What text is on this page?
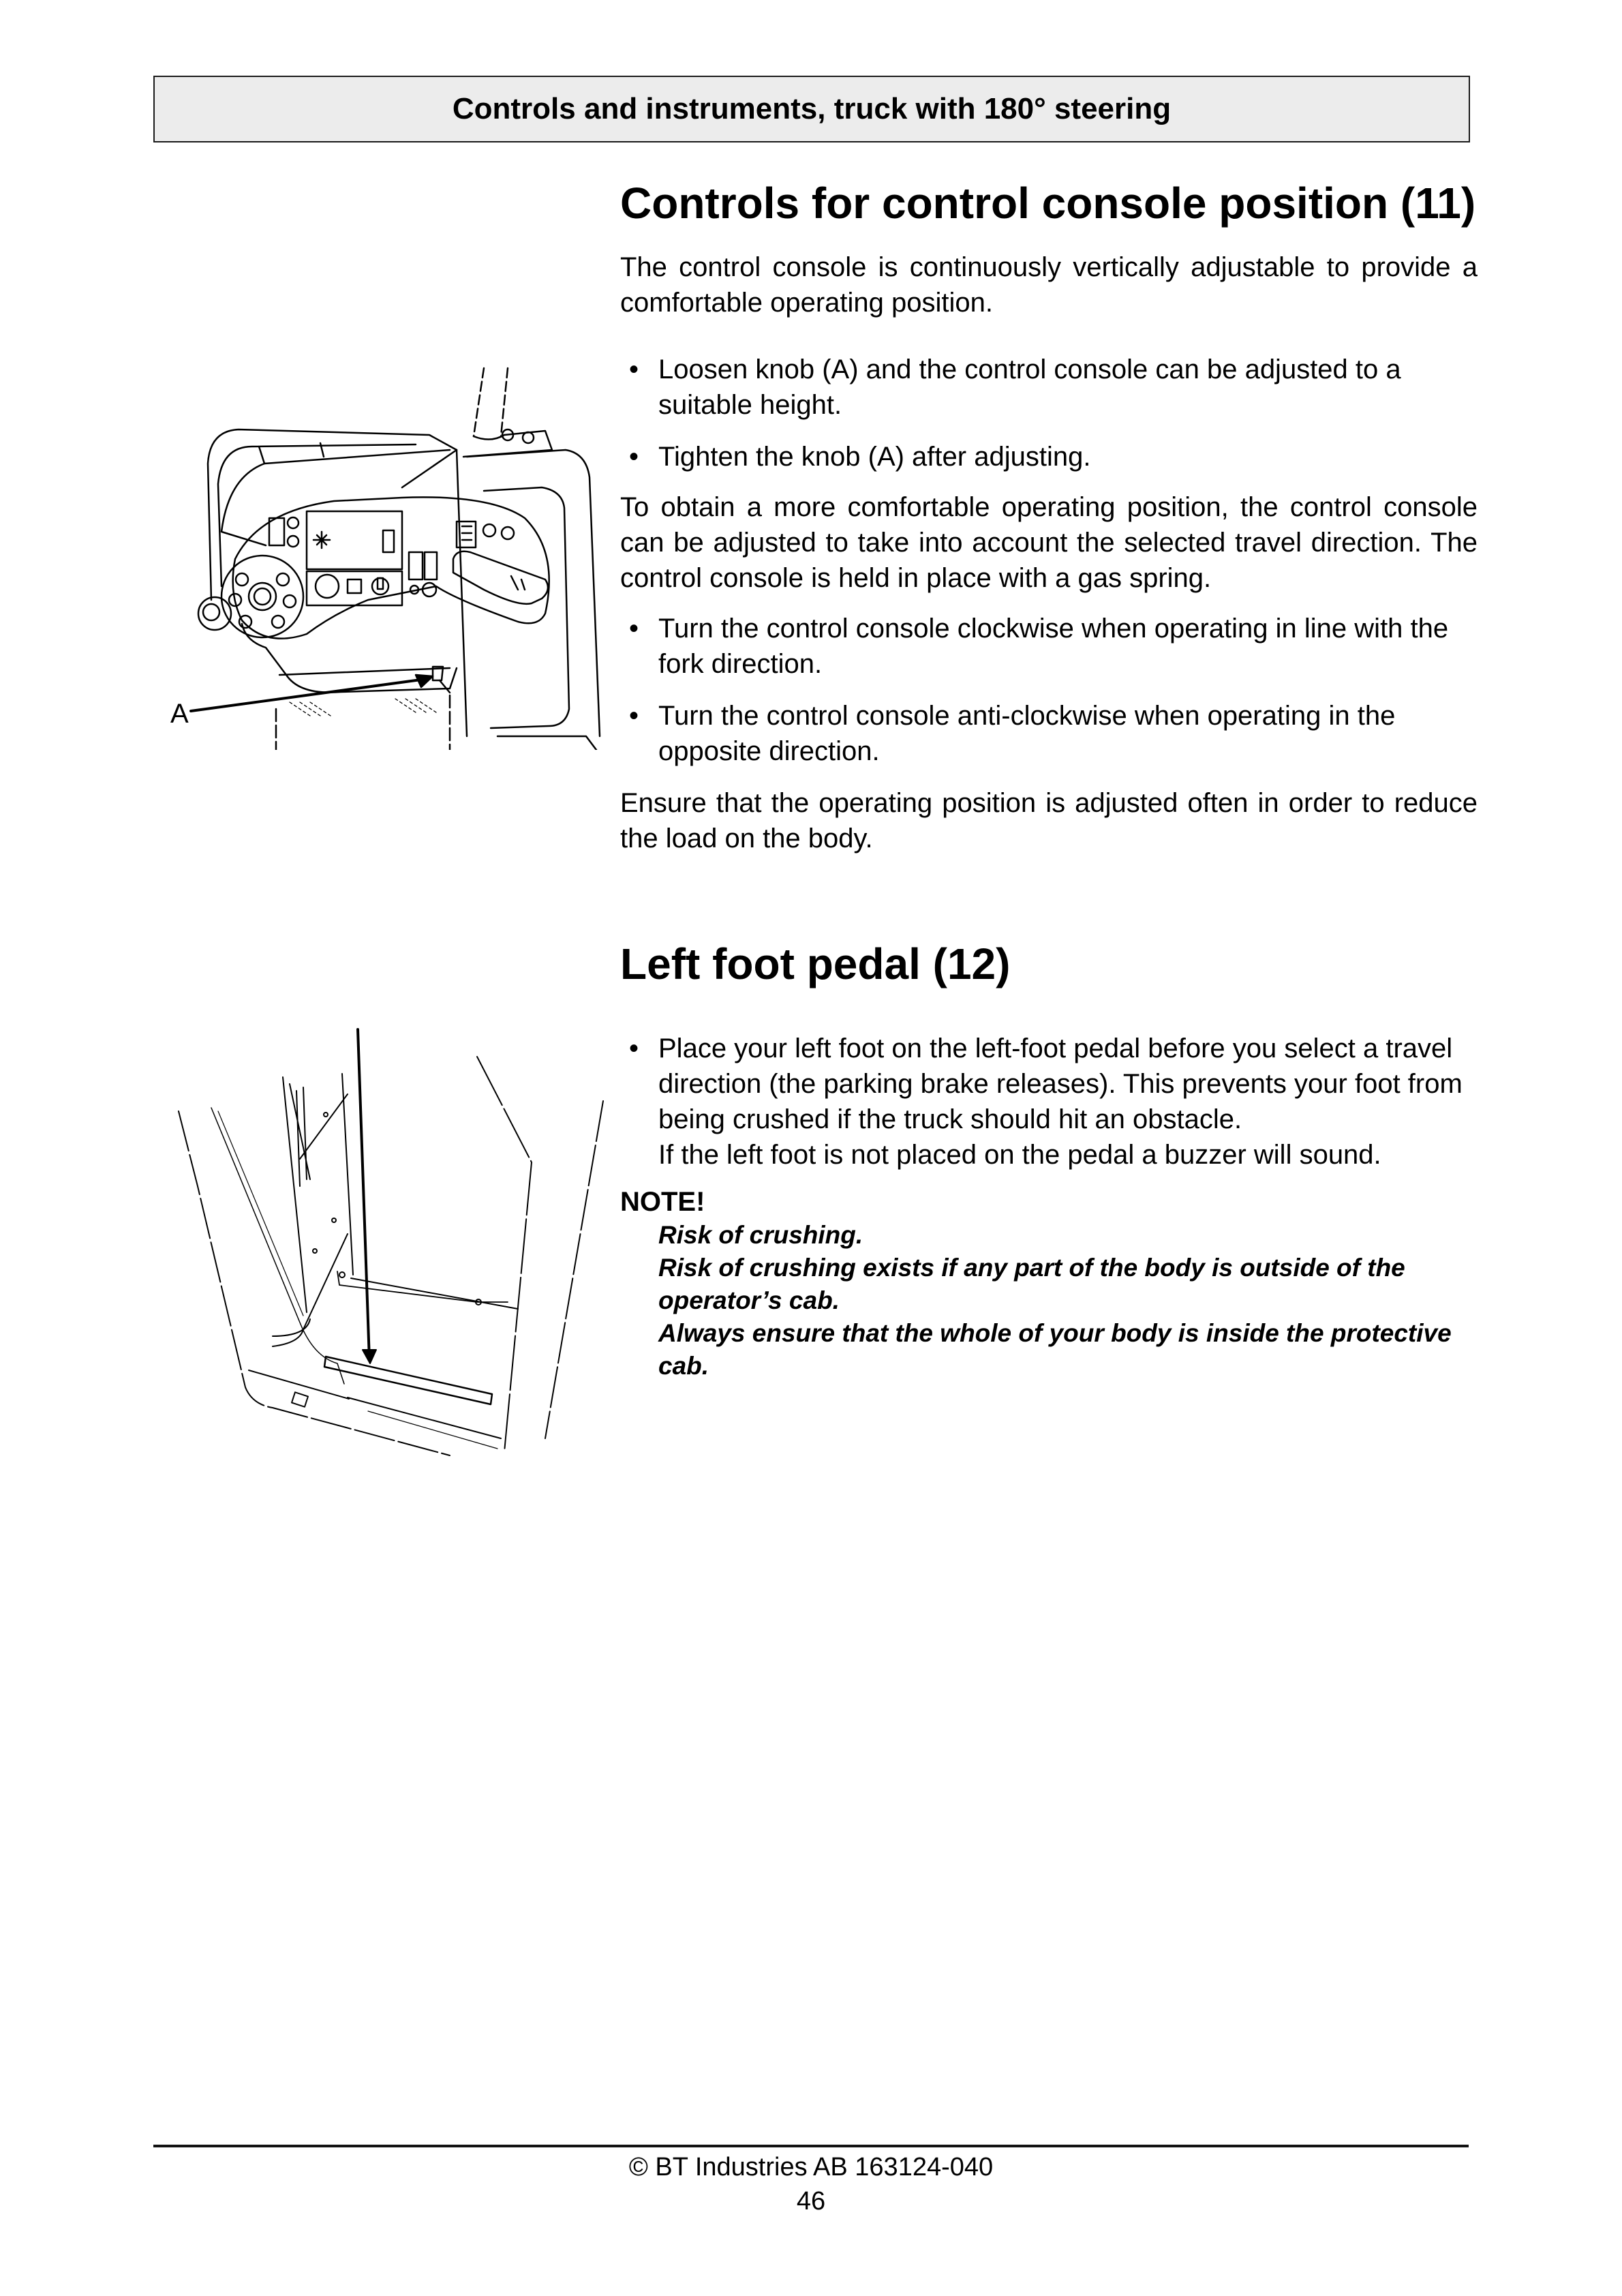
Controls and instruments, truck with 180° steering
A
Controls for control console position (11)

The control console is continuously vertically adjustable to provide a comfortable operating position.

• Loosen knob (A) and the control console can be adjusted to a suitable height.
• Tighten the knob (A) after adjusting.

To obtain a more comfortable operating position, the control console can be adjusted to take into account the selected travel direction. The control console is held in place with a gas spring.

• Turn the control console clockwise when operating in line with the fork direction.
• Turn the control console anti-clockwise when operating in the opposite direction.

Ensure that the operating position is adjusted often in order to reduce the load on the body.

Left foot pedal (12)
• Place your left foot on the left-foot pedal before you select a travel direction (the parking brake releases). This prevents your foot from being crushed if the truck should hit an obstacle.
If the left foot is not placed on the pedal a buzzer will sound.
NOTE!
Risk of crushing.
Risk of crushing exists if any part of the body is outside of the operator’s cab.
Always ensure that the whole of your body is inside the protective cab.
© BT Industries AB 163124-040
46
